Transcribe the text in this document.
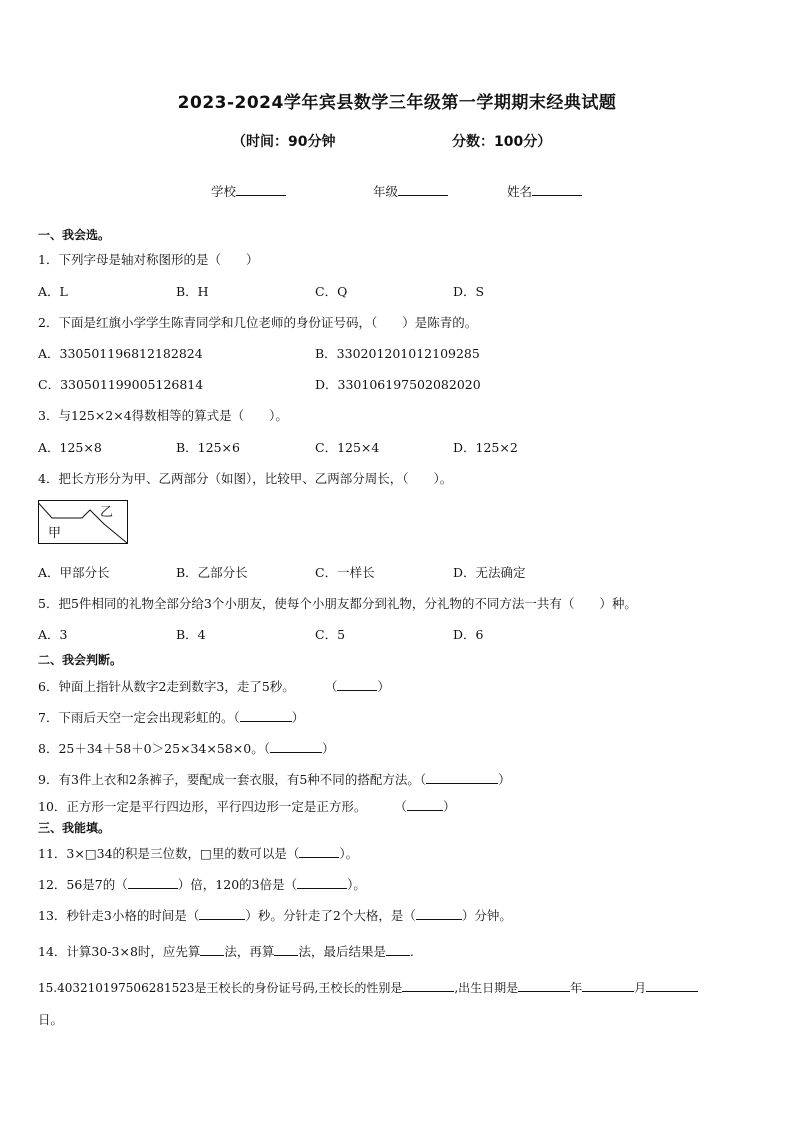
2023-2024学年宾县数学三年级第一学期期末经典试题
（时间：90分钟	分数：100分）
学校	年级	姓名
一、我会选。
1．下列字母是轴对称图形的是（　　）
A．L	B．H	C．Q	D．S
2．下面是红旗小学学生陈青同学和几位老师的身份证号码，（　　）是陈青的。
A．330501196812182824	B．330201201012109285
C．330501199005126814	D．330106197502082020
3．与125×2×4得数相等的算式是（　　）。
A．125×8	B．125×6	C．125×4	D．125×2
4．把长方形分为甲、乙两部分（如图），比较甲、乙两部分周长，（　　）。
甲
乙
A．甲部分长	B．乙部分长	C．一样长	D．无法确定
5．把5件相同的礼物全部分给3个小朋友，使每个小朋友都分到礼物，分礼物的不同方法一共有（　　）种。
A．3	B．4	C．5	D．6
二、我会判断。
6．钟面上指针从数字2走到数字3，走了5秒。 （	）
7．下雨后天空一定会出现彩虹的。（	）
8．25＋34＋58＋0＞25×34×58×0。（	）
9．有3件上衣和2条裤子，要配成一套衣服，有5种不同的搭配方法。（	）
10．正方形一定是平行四边形，平行四边形一定是正方形。 （	）
三、我能填。
11．3×□34的积是三位数，□里的数可以是（	）。
12．56是7的（	）倍，120的3倍是（	）。
13．秒针走3小格的时间是（	）秒。分针走了2个大格，是（	）分钟。
14．计算30-3×8时，应先算 法，再算 法，最后结果是 .
15.403210197506281523是王校长的身份证号码,王校长的性别是	,出生日期是	年	月
日。
